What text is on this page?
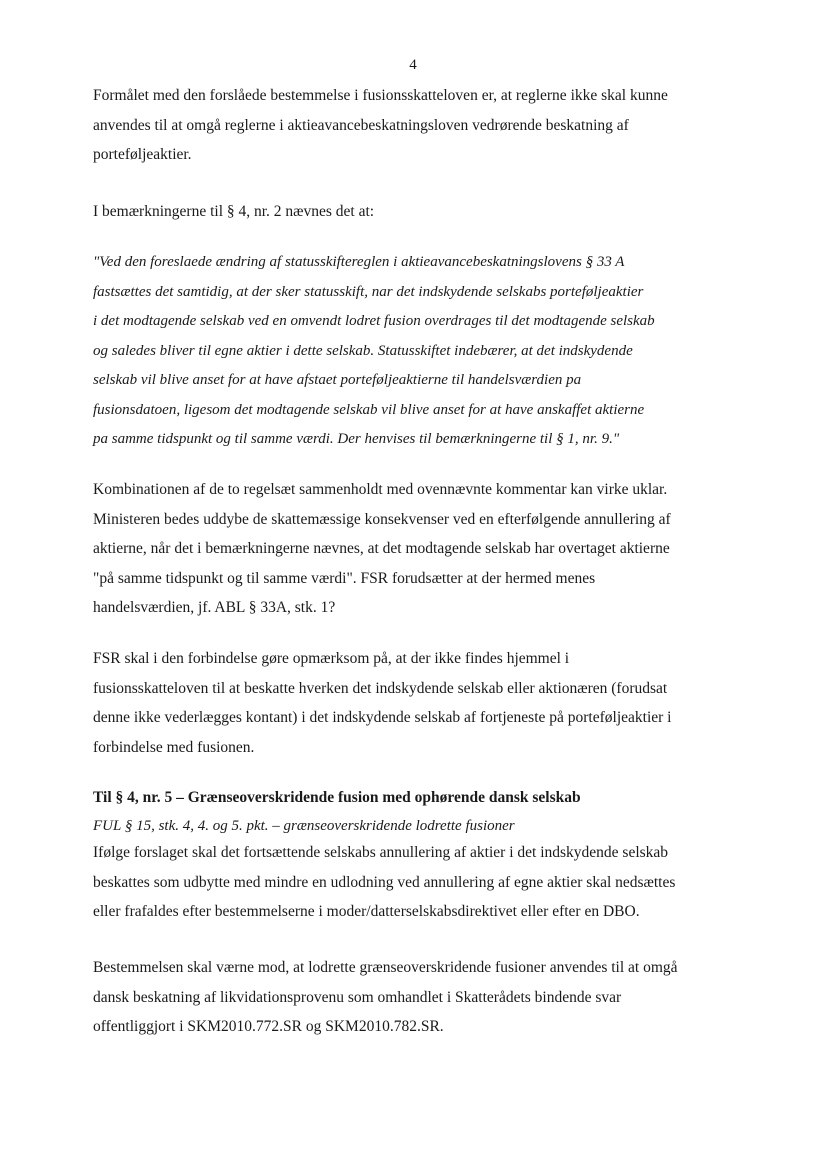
4
Formålet med den forslåede bestemmelse i fusionsskatteloven er, at reglerne ikke skal kunne
anvendes til at omgå reglerne i aktieavancebeskatningsloven vedrørende beskatning af
porteføljeaktier.
I bemærkningerne til § 4, nr. 2 nævnes det at:
"Ved den foreslaede ændring af statusskiftereglen i aktieavancebeskatningslovens § 33 A
fastsættes det samtidig, at der sker statusskift, nar det indskydende selskabs porteføljeaktier
i det modtagende selskab ved en omvendt lodret fusion overdrages til det modtagende selskab
og saledes bliver til egne aktier i dette selskab. Statusskiftet indebærer, at det indskydende
selskab vil blive anset for at have afstaet porteføljeaktierne til handelsværdien pa
fusionsdatoen, ligesom det modtagende selskab vil blive anset for at have anskaffet aktierne
pa samme tidspunkt og til samme værdi. Der henvises til bemærkningerne til § 1, nr. 9."
Kombinationen af de to regelsæt sammenholdt med ovennævnte kommentar kan virke uklar.
Ministeren bedes uddybe de skattemæssige konsekvenser ved en efterfølgende annullering af
aktierne, når det i bemærkningerne nævnes, at det modtagende selskab har overtaget aktierne
"på samme tidspunkt og til samme værdi". FSR forudsætter at der hermed menes
handelsværdien, jf. ABL § 33A, stk. 1?
FSR skal i den forbindelse gøre opmærksom på, at der ikke findes hjemmel i
fusionsskatteloven til at beskatte hverken det indskydende selskab eller aktionæren (forudsat
denne ikke vederlægges kontant) i det indskydende selskab af fortjeneste på porteføljeaktier i
forbindelse med fusionen.
Til § 4, nr. 5 – Grænseoverskridende fusion med ophørende dansk selskab
FUL § 15, stk. 4, 4. og 5. pkt. – grænseoverskridende lodrette fusioner
Ifølge forslaget skal det fortsættende selskabs annullering af aktier i det indskydende selskab
beskattes som udbytte med mindre en udlodning ved annullering af egne aktier skal nedsættes
eller frafaldes efter bestemmelserne i moder/datterselskabsdirektivet eller efter en DBO.
Bestemmelsen skal værne mod, at lodrette grænseoverskridende fusioner anvendes til at omgå
dansk beskatning af likvidationsprovenu som omhandlet i Skatterådets bindende svar
offentliggjort i SKM2010.772.SR og SKM2010.782.SR.
